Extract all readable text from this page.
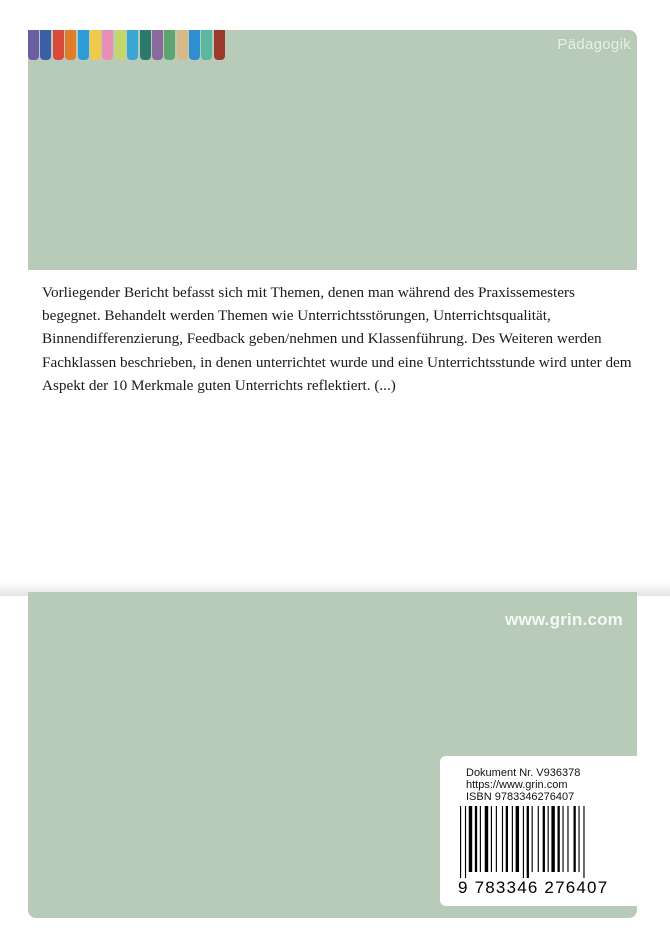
Pädagogik

Vorliegender Bericht befasst sich mit Themen, denen man während des Praxissemesters begegnet. Behandelt werden Themen wie Unterrichtsstörungen, Unterrichtsqualität, Binnendifferenzierung, Feedback geben/nehmen und Klassenführung. Des Weiteren werden Fachklassen beschrieben, in denen unterrichtet wurde und eine Unterrichtsstunde wird unter dem Aspekt der 10 Merkmale guten Unterrichts reflektiert. (...)

www.grin.com
Dokument Nr. V936378
https://www.grin.com
ISBN 9783346276407
9 783346 276407
